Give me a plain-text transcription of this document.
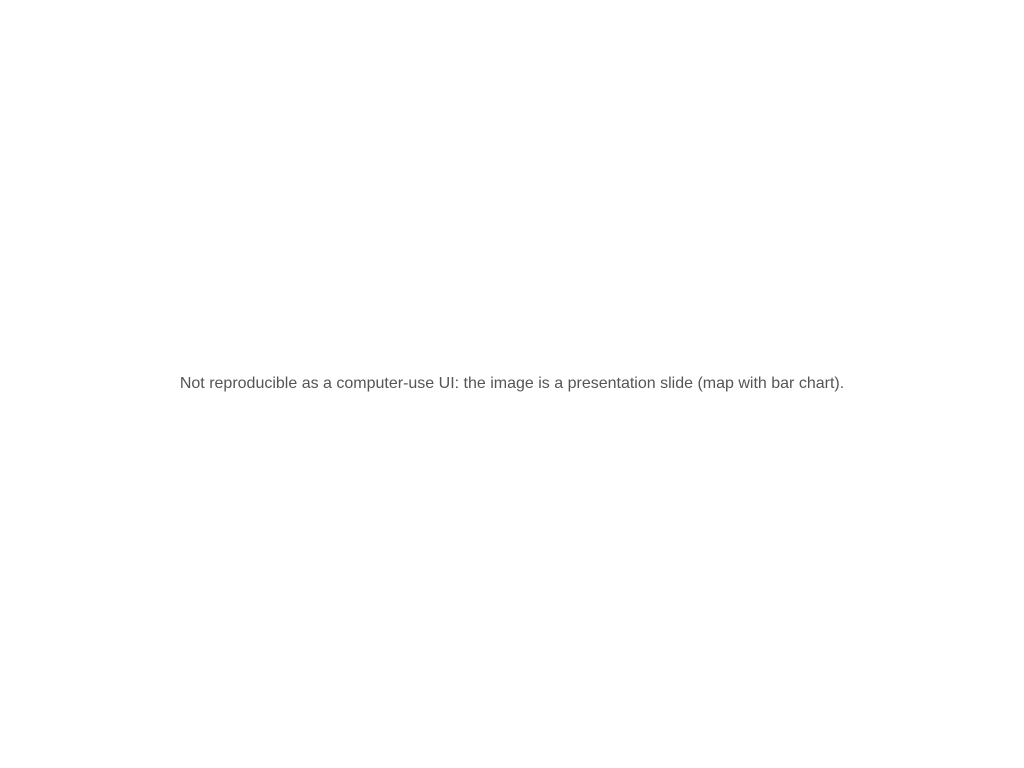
Not reproducible as a computer-use UI: the image is a presentation slide (map with bar chart).
